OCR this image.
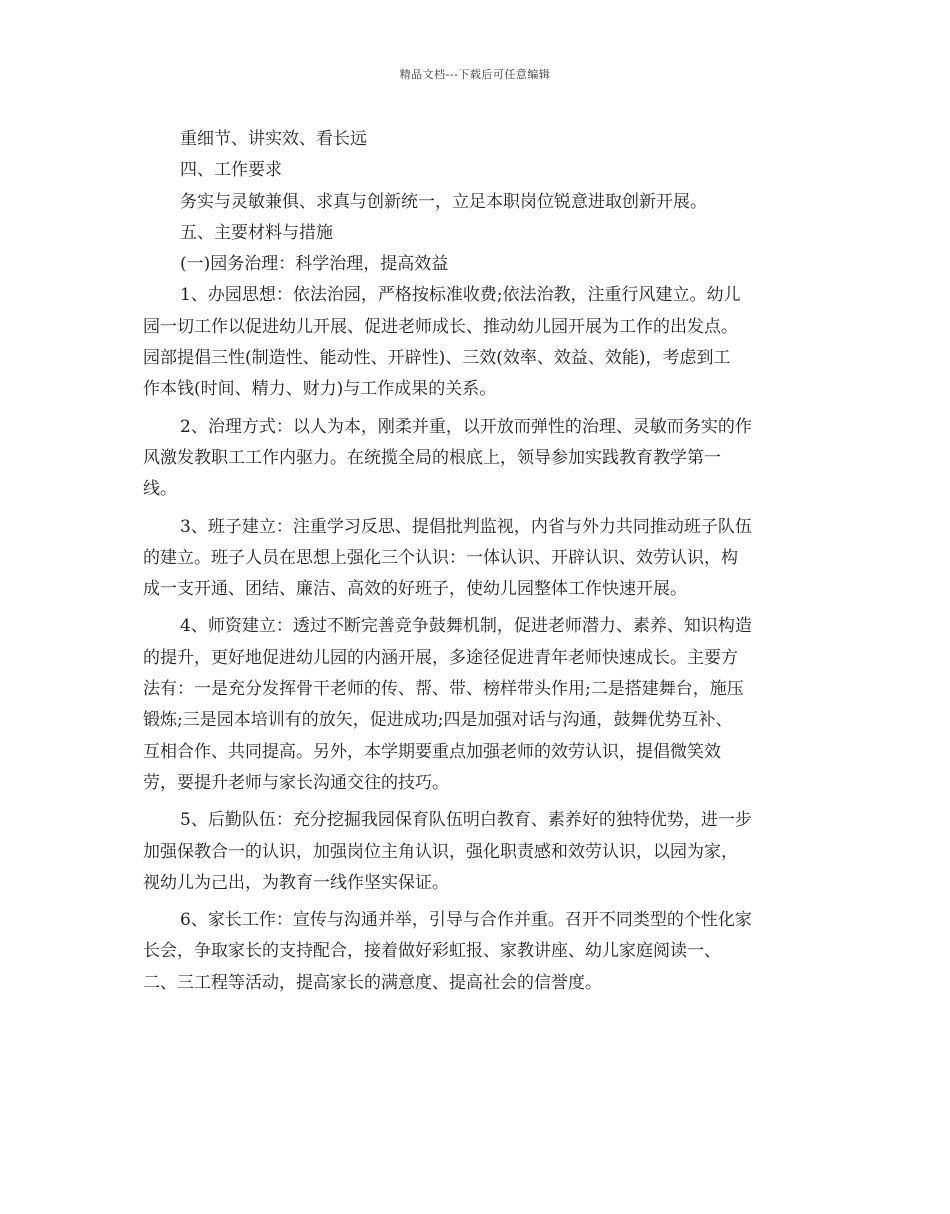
精品文档---下载后可任意编辑
重细节、讲实效、看长远
四、工作要求
务实与灵敏兼俱、求真与创新统一，立足本职岗位锐意进取创新开展。
五、主要材料与措施
(一)园务治理：科学治理，提高效益
1、办园思想：依法治园，严格按标准收费;依法治教，注重行风建立。幼儿
园一切工作以促进幼儿开展、促进老师成长、推动幼儿园开展为工作的出发点。
园部提倡三性(制造性、能动性、开辟性)、三效(效率、效益、效能)，考虑到工
作本钱(时间、精力、财力)与工作成果的关系。
2、治理方式：以人为本，刚柔并重，以开放而弹性的治理、灵敏而务实的作
风激发教职工工作内驱力。在统揽全局的根底上，领导参加实践教育教学第一
线。
3、班子建立：注重学习反思、提倡批判监视，内省与外力共同推动班子队伍
的建立。班子人员在思想上强化三个认识：一体认识、开辟认识、效劳认识，构
成一支开通、团结、廉洁、高效的好班子，使幼儿园整体工作快速开展。
4、师资建立：透过不断完善竞争鼓舞机制，促进老师潜力、素养、知识构造
的提升，更好地促进幼儿园的内涵开展，多途径促进青年老师快速成长。主要方
法有：一是充分发挥骨干老师的传、帮、带、榜样带头作用;二是搭建舞台，施压
锻炼;三是园本培训有的放矢，促进成功;四是加强对话与沟通，鼓舞优势互补、
互相合作、共同提高。另外，本学期要重点加强老师的效劳认识，提倡微笑效
劳，要提升老师与家长沟通交往的技巧。
5、后勤队伍：充分挖掘我园保育队伍明白教育、素养好的独特优势，进一步
加强保教合一的认识，加强岗位主角认识，强化职责感和效劳认识，以园为家，
视幼儿为己出，为教育一线作坚实保证。
6、家长工作：宣传与沟通并举，引导与合作并重。召开不同类型的个性化家
长会，争取家长的支持配合，接着做好彩虹报、家教讲座、幼儿家庭阅读一、
二、三工程等活动，提高家长的满意度、提高社会的信誉度。
